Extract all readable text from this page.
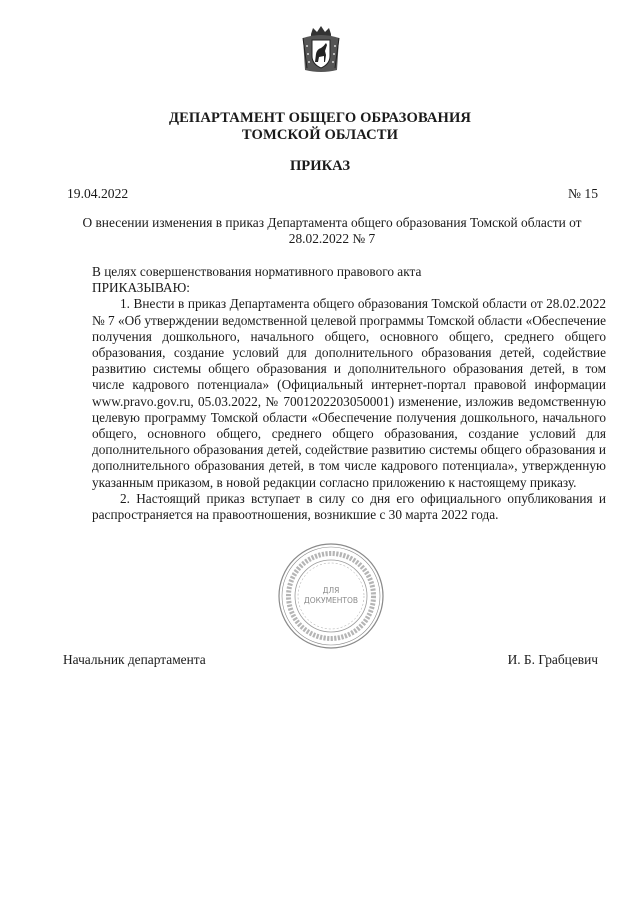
ДЕПАРТАМЕНТ ОБЩЕГО ОБРАЗОВАНИЯ
ТОМСКОЙ ОБЛАСТИ
ПРИКАЗ
19.04.2022	№ 15
О внесении изменения в приказ Департамента общего образования Томской области от
28.02.2022 № 7

В целях совершенствования нормативного правового акта

ПРИКАЗЫВАЮ:

1. Внести в приказ Департамента общего образования Томской области от 28.02.2022 № 7 «Об утверждении ведомственной целевой программы Томской области «Обеспечение получения дошкольного, начального общего, основного общего, среднего общего образования, создание условий для дополнительного образования детей, содействие развитию системы общего образования и дополнительного образования детей, в том числе кадрового потенциала» (Официальный интернет-портал правовой информации www.pravo.gov.ru, 05.03.2022, № 7001202203050001) изменение, изложив ведомственную целевую программу Томской области «Обеспечение получения дошкольного, начального общего, основного общего, среднего общего образования, создание условий для дополнительного образования детей, содействие развитию системы общего образования и дополнительного образования детей, в том числе кадрового потенциала», утвержденную указанным приказом, в новой редакции согласно приложению к настоящему приказу.

2. Настоящий приказ вступает в силу со дня его официального опубликования и распространяется на правоотношения, возникшие с 30 марта 2022 года.

ДЛЯ
ДОКУМЕНТОВ
Начальник департамента	И. Б. Грабцевич
